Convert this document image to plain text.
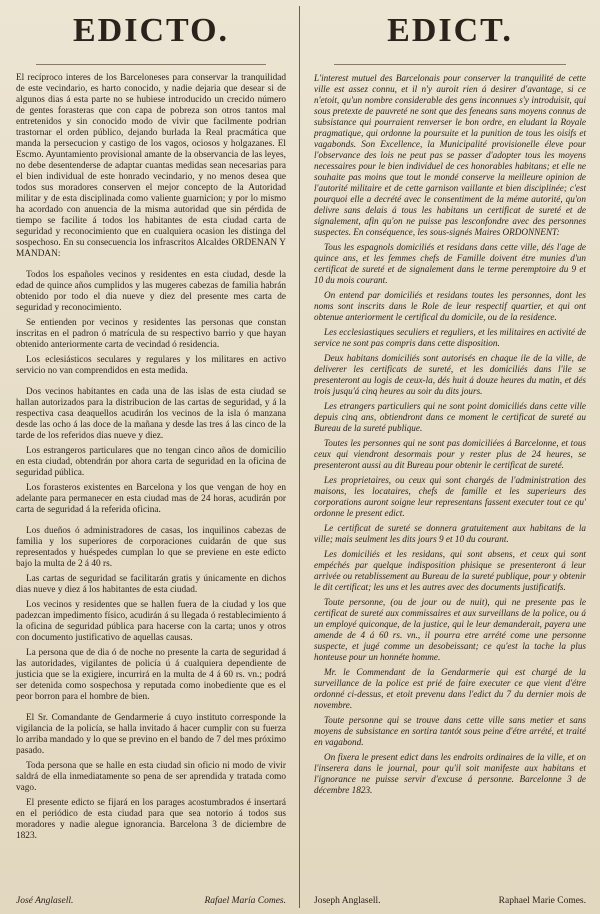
EDICTO.

El recíproco interes de los Barceloneses para conservar la tranquilidad de este vecindario, es harto conocido, y nadie dejaria que desear si de algunos dias á esta parte no se hubiese introducido un crecido número de gentes forasteras que con capa de pobreza son otros tantos mal entretenidos y sin conocido modo de vivir que facilmente podrian trastornar el orden público, dejando burlada la Real pracmática que manda la persecucion y castigo de los vagos, ociosos y holgazanes. El Escmo. Ayuntamiento provisional amante de la observancia de las leyes, no debe desentenderse de adaptar cuantas medidas sean necesarias para el bien individual de este honrado vecindario, y no menos desea que todos sus moradores conserven el mejor concepto de la Autoridad militar y de esta disciplinada como valiente guarnicion; y por lo mismo ha acordado con anuencia de la misma autoridad que sin pérdida de tiempo se facilite á todos los habitantes de esta ciudad carta de seguridad y reconocimiento que en cualquiera ocasion les distinga del sospechoso. En su consecuencia los infrascritos Alcaldes ORDENAN Y MANDAN:

Todos los españoles vecinos y residentes en esta ciudad, desde la edad de quince años cumplidos y las mugeres cabezas de familia habrán obtenido por todo el dia nueve y diez del presente mes carta de seguridad y reconocimiento.

Se entienden por vecinos y residentes las personas que constan inscritas en el padron ó matrícula de su respectivo barrio y que hayan obtenido anteriormente carta de vecindad ó residencia.

Los eclesiásticos seculares y regulares y los militares en activo servicio no van comprendidos en esta medida.

Dos vecinos habitantes en cada una de las islas de esta ciudad se hallan autorizados para la distribucion de las cartas de seguridad, y á la respectiva casa deaquellos acudirán los vecinos de la isla ó manzana desde las ocho á las doce de la mañana y desde las tres á las cinco de la tarde de los referidos dias nueve y diez.

Los estrangeros particulares que no tengan cinco años de domicilio en esta ciudad, obtendrán por ahora carta de seguridad en la oficina de seguridad pública.

Los forasteros existentes en Barcelona y los que vengan de hoy en adelante para permanecer en esta ciudad mas de 24 horas, acudirán por carta de seguridad á la referida oficina.

Los dueños ó administradores de casas, los inquilinos cabezas de familia y los superiores de corporaciones cuidarán de que sus representados y huéspedes cumplan lo que se previene en este edicto bajo la multa de 2 á 40 rs.

Las cartas de seguridad se facilitarán gratis y únicamente en dichos dias nueve y diez á los habitantes de esta ciudad.

Los vecinos y residentes que se hallen fuera de la ciudad y los que padezcan impedimento físico, acudirán á su llegada ó restablecimiento á la oficina de seguridad pública para hacerse con la carta; unos y otros con documento justificativo de aquellas causas.

La persona que de dia ó de noche no presente la carta de seguridad á las autoridades, vigilantes de policía ú á cualquiera dependiente de justicia que se la exigiere, incurrirá en la multa de 4 á 60 rs. vn.; podrá ser detenida como sospechosa y reputada como inobediente que es el peor borron para el hombre de bien.

El Sr. Comandante de Gendarmerie á cuyo instituto corresponde la vigilancia de la policía, se halla invitado á hacer cumplir con su fuerza lo arriba mandado y lo que se previno en el bando de 7 del mes próximo pasado.

Toda persona que se halle en esta ciudad sin oficio ni modo de vivir saldrá de ella inmediatamente so pena de ser aprendida y tratada como vago.

El presente edicto se fijará en los parages acostumbrados é insertará en el periódico de esta ciudad para que sea notorio á todos sus moradores y nadie alegue ignorancia. Barcelona 3 de diciembre de 1823.

José Anglasell.	Rafael María Comes.
EDICT.

L'interest mutuel des Barcelonais pour conserver la tranquilité de cette ville est assez connu, et il n'y auroit rien á desirer d'avantage, si ce n'etoit, qu'un nombre considerable des gens inconnues s'y introduisit, qui sous pretexte de pauvreté ne sont que des feneans sans moyens connus de subsistance qui pourraient renverser le bon ordre, en eludant la Royale pragmatique, qui ordonne la poursuite et la punition de tous les oisifs et vagabonds. Son Excellence, la Municipalité provisionelle éleve pour l'observance des lois ne peut pas se passer d'adopter tous les moyens necessaires pour le bien individuel de ces honorables habitans; et elle ne souhaite pas moins que tout le mondé conserve la meilleure opinion de l'autorité militaire et de cette garnison vaillante et bien disciplinée; c'est pourquoi elle a decrété avec le consentiment de la méme autorité, qu'on delivre sans delais á tous les habitans un certificat de sureté et de signalement, afin qu'on ne puisse pas lesconfondre avec des personnes suspectes. En conséquence, les sous-signés Maires ORDONNENT:

Tous les espagnols domiciliés et residans dans cette ville, dés l'age de quince ans, et les femmes chefs de Famille doivent étre munies d'un certificat de sureté et de signalement dans le terme peremptoire du 9 et 10 du mois courant.

On entend par domiciliés et residans toutes les personnes, dont les noms sont inscrits dans le Role de leur respectif quartier, et qui ont obtenue anteriorment le certifical du domicile, ou de la residence.

Les ecclesiastiques seculiers et reguliers, et les militaires en activité de service ne sont pas compris dans cette disposition.

Deux habitans domiciliés sont autorisés en chaque ile de la ville, de deliverer les certificats de sureté, et les domiciliés dans l'ile se presenteront au logis de ceux-la, dés huit á douze heures du matin, et dés trois jusqu'á cinq heures au soir du dits jours.

Les etrangers particuliers qui ne sont point domiciliés dans cette ville depuis cinq ans, obtiendront dans ce moment le certificat de sureté au Bureau de la sureté publique.

Toutes les personnes qui ne sont pas domiciliées á Barcelonne, et tous ceux qui viendront desormais pour y rester plus de 24 heures, se presenteront aussi au dit Bureau pour obtenir le certificat de sureté.

Les proprietaires, ou ceux qui sont chargés de l'administration des maisons, les locataires, chefs de famille et les superieurs des corporations auront soigne leur representans fassent executer tout ce qu' ordonne le present edict.

Le certificat de sureté se donnera gratuitement aux habitans de la ville; mais seulment les dits jours 9 et 10 du courant.

Les domiciliés et les residans, qui sont absens, et ceux qui sont empéchés par quelque indisposition phisique se presenteront á leur arrivée ou retablissement au Bureau de la sureté publique, pour y obtenir le dit certificat; les uns et les autres avec des documents justificatifs.

Toute personne, (ou de jour ou de nuit), qui ne presente pas le certificat de sureté aux commissaires et aux surveillans de la police, ou á un employé quiconque, de la justice, qui le leur demanderait, payera une amende de 4 á 60 rs. vn., il pourra etre arrété come une personne suspecte, et jugé comme un desobeissant; ce qu'est la tache la plus honteuse pour un honnéte homme.

Mr. le Commendant de la Gendarmerie qui est chargé de la surveillance de la police est prié de faire executer ce que vient d'étre ordonné ci-dessus, et etoit prevenu dans l'edict du 7 du dernier mois de novembre.

Toute personne qui se trouve dans cette ville sans metier et sans moyens de subsistance en sortira tantót sous peine d'étre arrété, et traité en vagabond.

On fixera le present edict dans les endroits ordinaires de la ville, et on l'inserera dans le journal, pour qu'il soit manifeste aux habitans et l'ignorance ne puisse servir d'excuse á personne. Barcelonne 3 de décembre 1823.

Joseph Anglasell.	Raphael Marie Comes.
